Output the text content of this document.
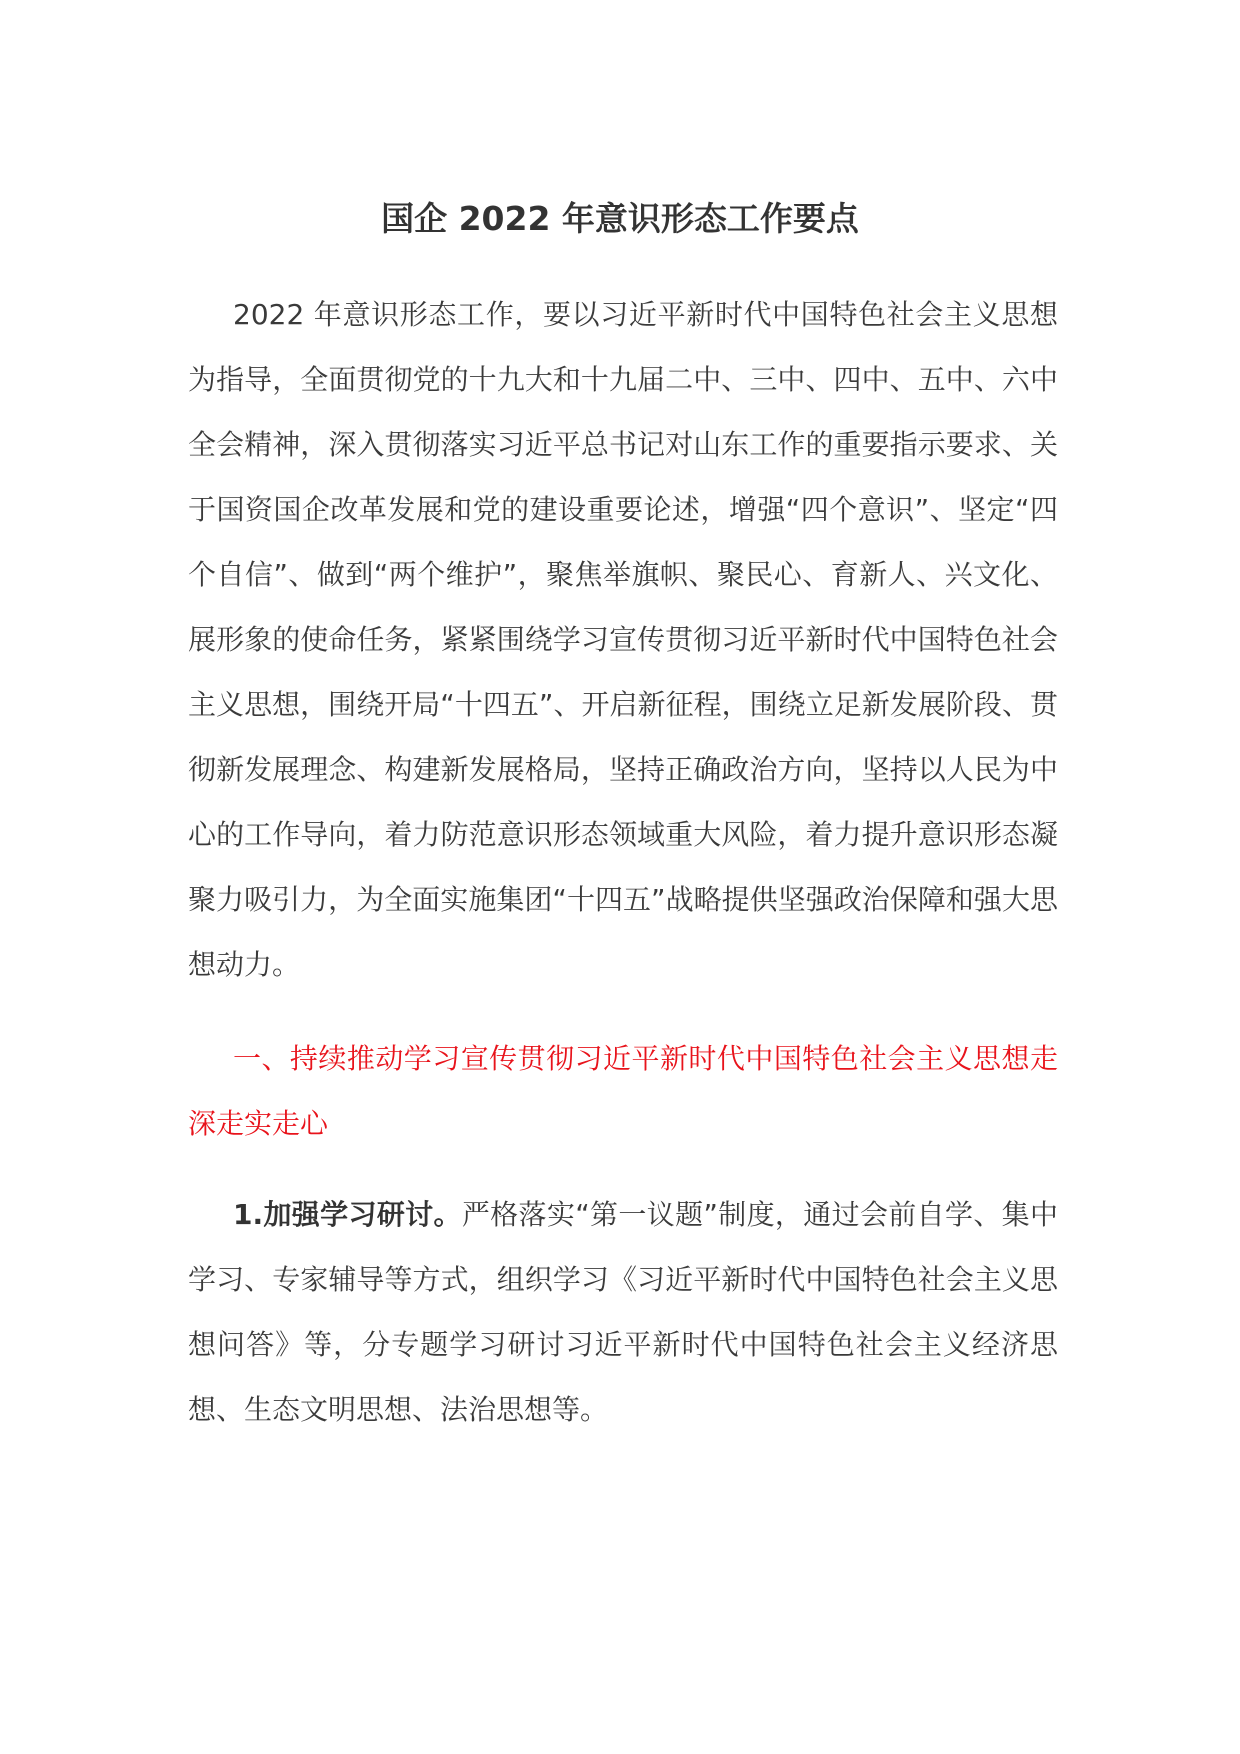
国企 2022 年意识形态工作要点

2022 年意识形态工作，要以习近平新时代中国特色社会主义思想为指导，全面贯彻党的十九大和十九届二中、三中、四中、五中、六中全会精神，深入贯彻落实习近平总书记对山东工作的重要指示要求、关于国资国企改革发展和党的建设重要论述，增强“四个意识”、坚定“四个自信”、做到“两个维护”，聚焦举旗帜、聚民心、育新人、兴文化、展形象的使命任务，紧紧围绕学习宣传贯彻习近平新时代中国特色社会主义思想，围绕开局“十四五”、开启新征程，围绕立足新发展阶段、贯彻新发展理念、构建新发展格局，坚持正确政治方向，坚持以人民为中心的工作导向，着力防范意识形态领域重大风险，着力提升意识形态凝聚力吸引力，为全面实施集团“十四五”战略提供坚强政治保障和强大思想动力。

一、持续推动学习宣传贯彻习近平新时代中国特色社会主义思想走深走实走心

1.加强学习研讨。严格落实“第一议题”制度，通过会前自学、集中学习、专家辅导等方式，组织学习《习近平新时代中国特色社会主义思想问答》等，分专题学习研讨习近平新时代中国特色社会主义经济思想、生态文明思想、法治思想等。
